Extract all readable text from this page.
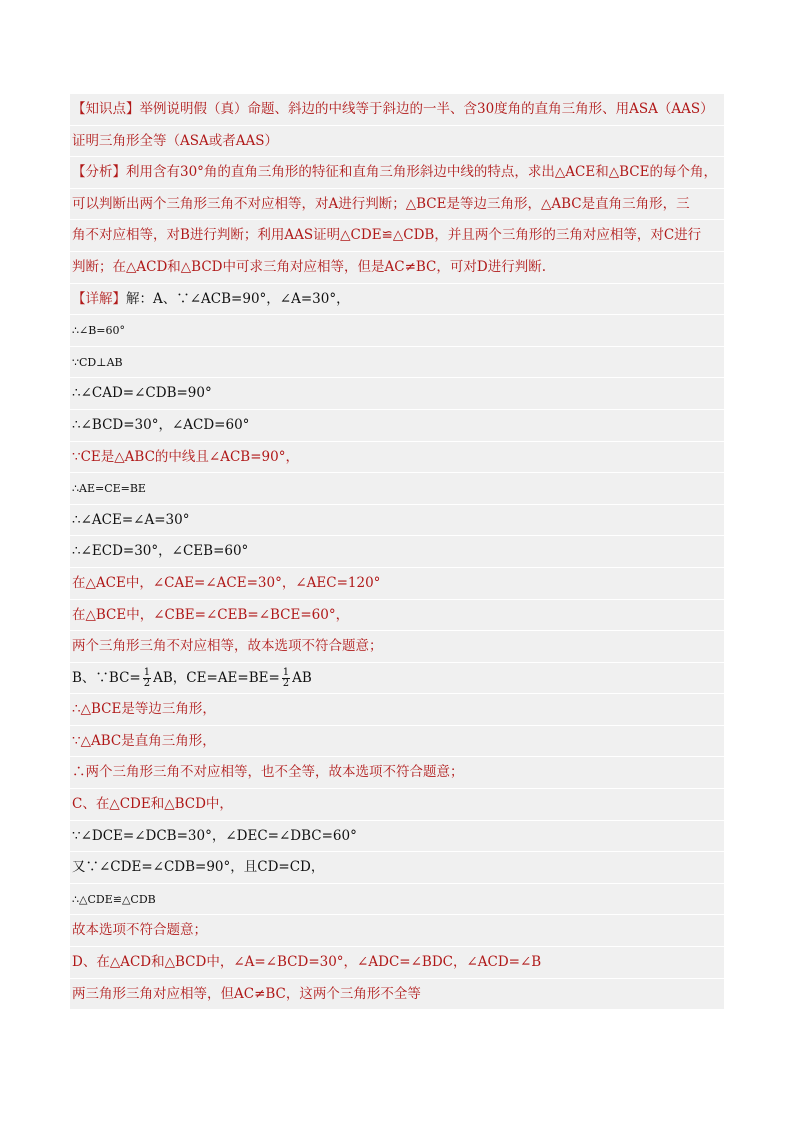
【知识点】举例说明假（真）命题、斜边的中线等于斜边的一半、含30度角的直角三角形、用ASA（AAS）
证明三角形全等（ASA或者AAS）
【分析】利用含有30°角的直角三角形的特征和直角三角形斜边中线的特点，求出△ACE和△BCE的每个角，
可以判断出两个三角形三角不对应相等，对A进行判断；△BCE是等边三角形，△ABC是直角三角形，三
角不对应相等，对B进行判断；利用AAS证明△CDE≌△CDB，并且两个三角形的三角对应相等，对C进行
判断；在△ACD和△BCD中可求三角对应相等，但是AC≠BC，可对D进行判断.
【详解】解：A、∵∠ACB=90°，∠A=30°，
∴∠B=60°
∵CD⊥AB
∴∠CAD=∠CDB=90°
∴∠BCD=30°，∠ACD=60°
∵CE是△ABC的中线且∠ACB=90°，
∴AE=CE=BE
∴∠ACE=∠A=30°
∴∠ECD=30°，∠CEB=60°
在△ACE中，∠CAE=∠ACE=30°，∠AEC=120°
在△BCE中，∠CBE=∠CEB=∠BCE=60°，
两个三角形三角不对应相等，故本选项不符合题意；
B、∵BC= $\frac{1}{2}$ AB，$CE=AE=BE= \frac{1}{2}$ AB
∴△BCE是等边三角形，
∵△ABC是直角三角形，
∴两个三角形三角不对应相等，也不全等，故本选项不符合题意；
C、在△CDE和△BCD中，
∵∠DCE=∠DCB=30°，∠DEC=∠DBC=60°
又∵∠CDE=∠CDB=90°，且CD=CD，
∴△CDE≌△CDB
故本选项不符合题意；
D、在△ACD和△BCD中，∠A=∠BCD=30°，∠ADC=∠BDC，∠ACD=∠B
两三角形三角对应相等，但AC≠BC，这两个三角形不全等
